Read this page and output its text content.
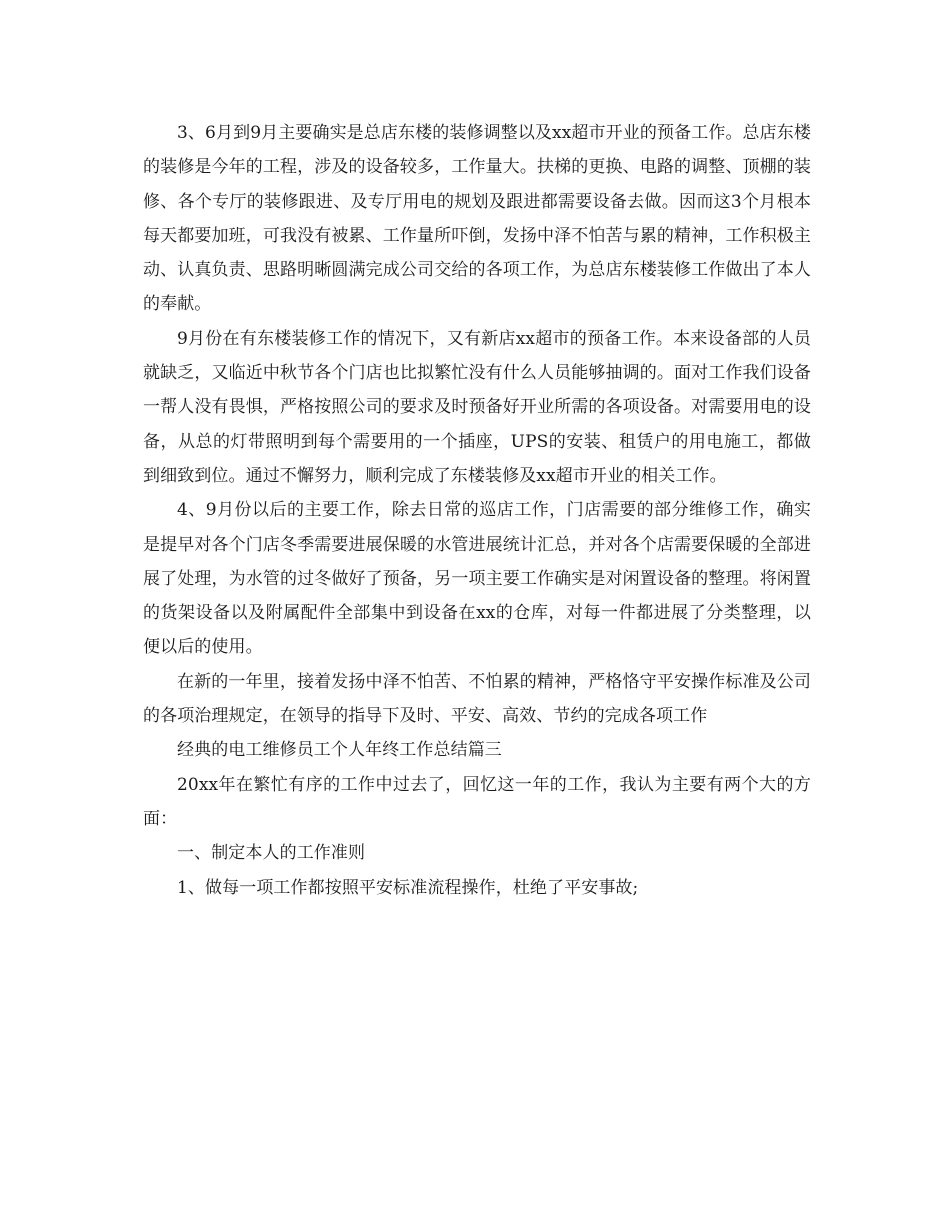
3、6月到9月主要确实是总店东楼的装修调整以及xx超市开业的预备工作。总店东楼的装修是今年的工程，涉及的设备较多，工作量大。扶梯的更换、电路的调整、顶棚的装修、各个专厅的装修跟进、及专厅用电的规划及跟进都需要设备去做。因而这3个月根本每天都要加班，可我没有被累、工作量所吓倒，发扬中泽不怕苦与累的精神，工作积极主动、认真负责、思路明晰圆满完成公司交给的各项工作，为总店东楼装修工作做出了本人的奉献。

9月份在有东楼装修工作的情况下，又有新店xx超市的预备工作。本来设备部的人员就缺乏，又临近中秋节各个门店也比拟繁忙没有什么人员能够抽调的。面对工作我们设备一帮人没有畏惧，严格按照公司的要求及时预备好开业所需的各项设备。对需要用电的设备，从总的灯带照明到每个需要用的一个插座，UPS的安装、租赁户的用电施工，都做到细致到位。通过不懈努力，顺利完成了东楼装修及xx超市开业的相关工作。

4、9月份以后的主要工作，除去日常的巡店工作，门店需要的部分维修工作，确实是提早对各个门店冬季需要进展保暖的水管进展统计汇总，并对各个店需要保暖的全部进展了处理，为水管的过冬做好了预备，另一项主要工作确实是对闲置设备的整理。将闲置的货架设备以及附属配件全部集中到设备在xx的仓库，对每一件都进展了分类整理，以便以后的使用。

在新的一年里，接着发扬中泽不怕苦、不怕累的精神，严格恪守平安操作标准及公司的各项治理规定，在领导的指导下及时、平安、高效、节约的完成各项工作

经典的电工维修员工个人年终工作总结篇三

20xx年在繁忙有序的工作中过去了，回忆这一年的工作，我认为主要有两个大的方面：

一、制定本人的工作准则

1、做每一项工作都按照平安标准流程操作，杜绝了平安事故;
